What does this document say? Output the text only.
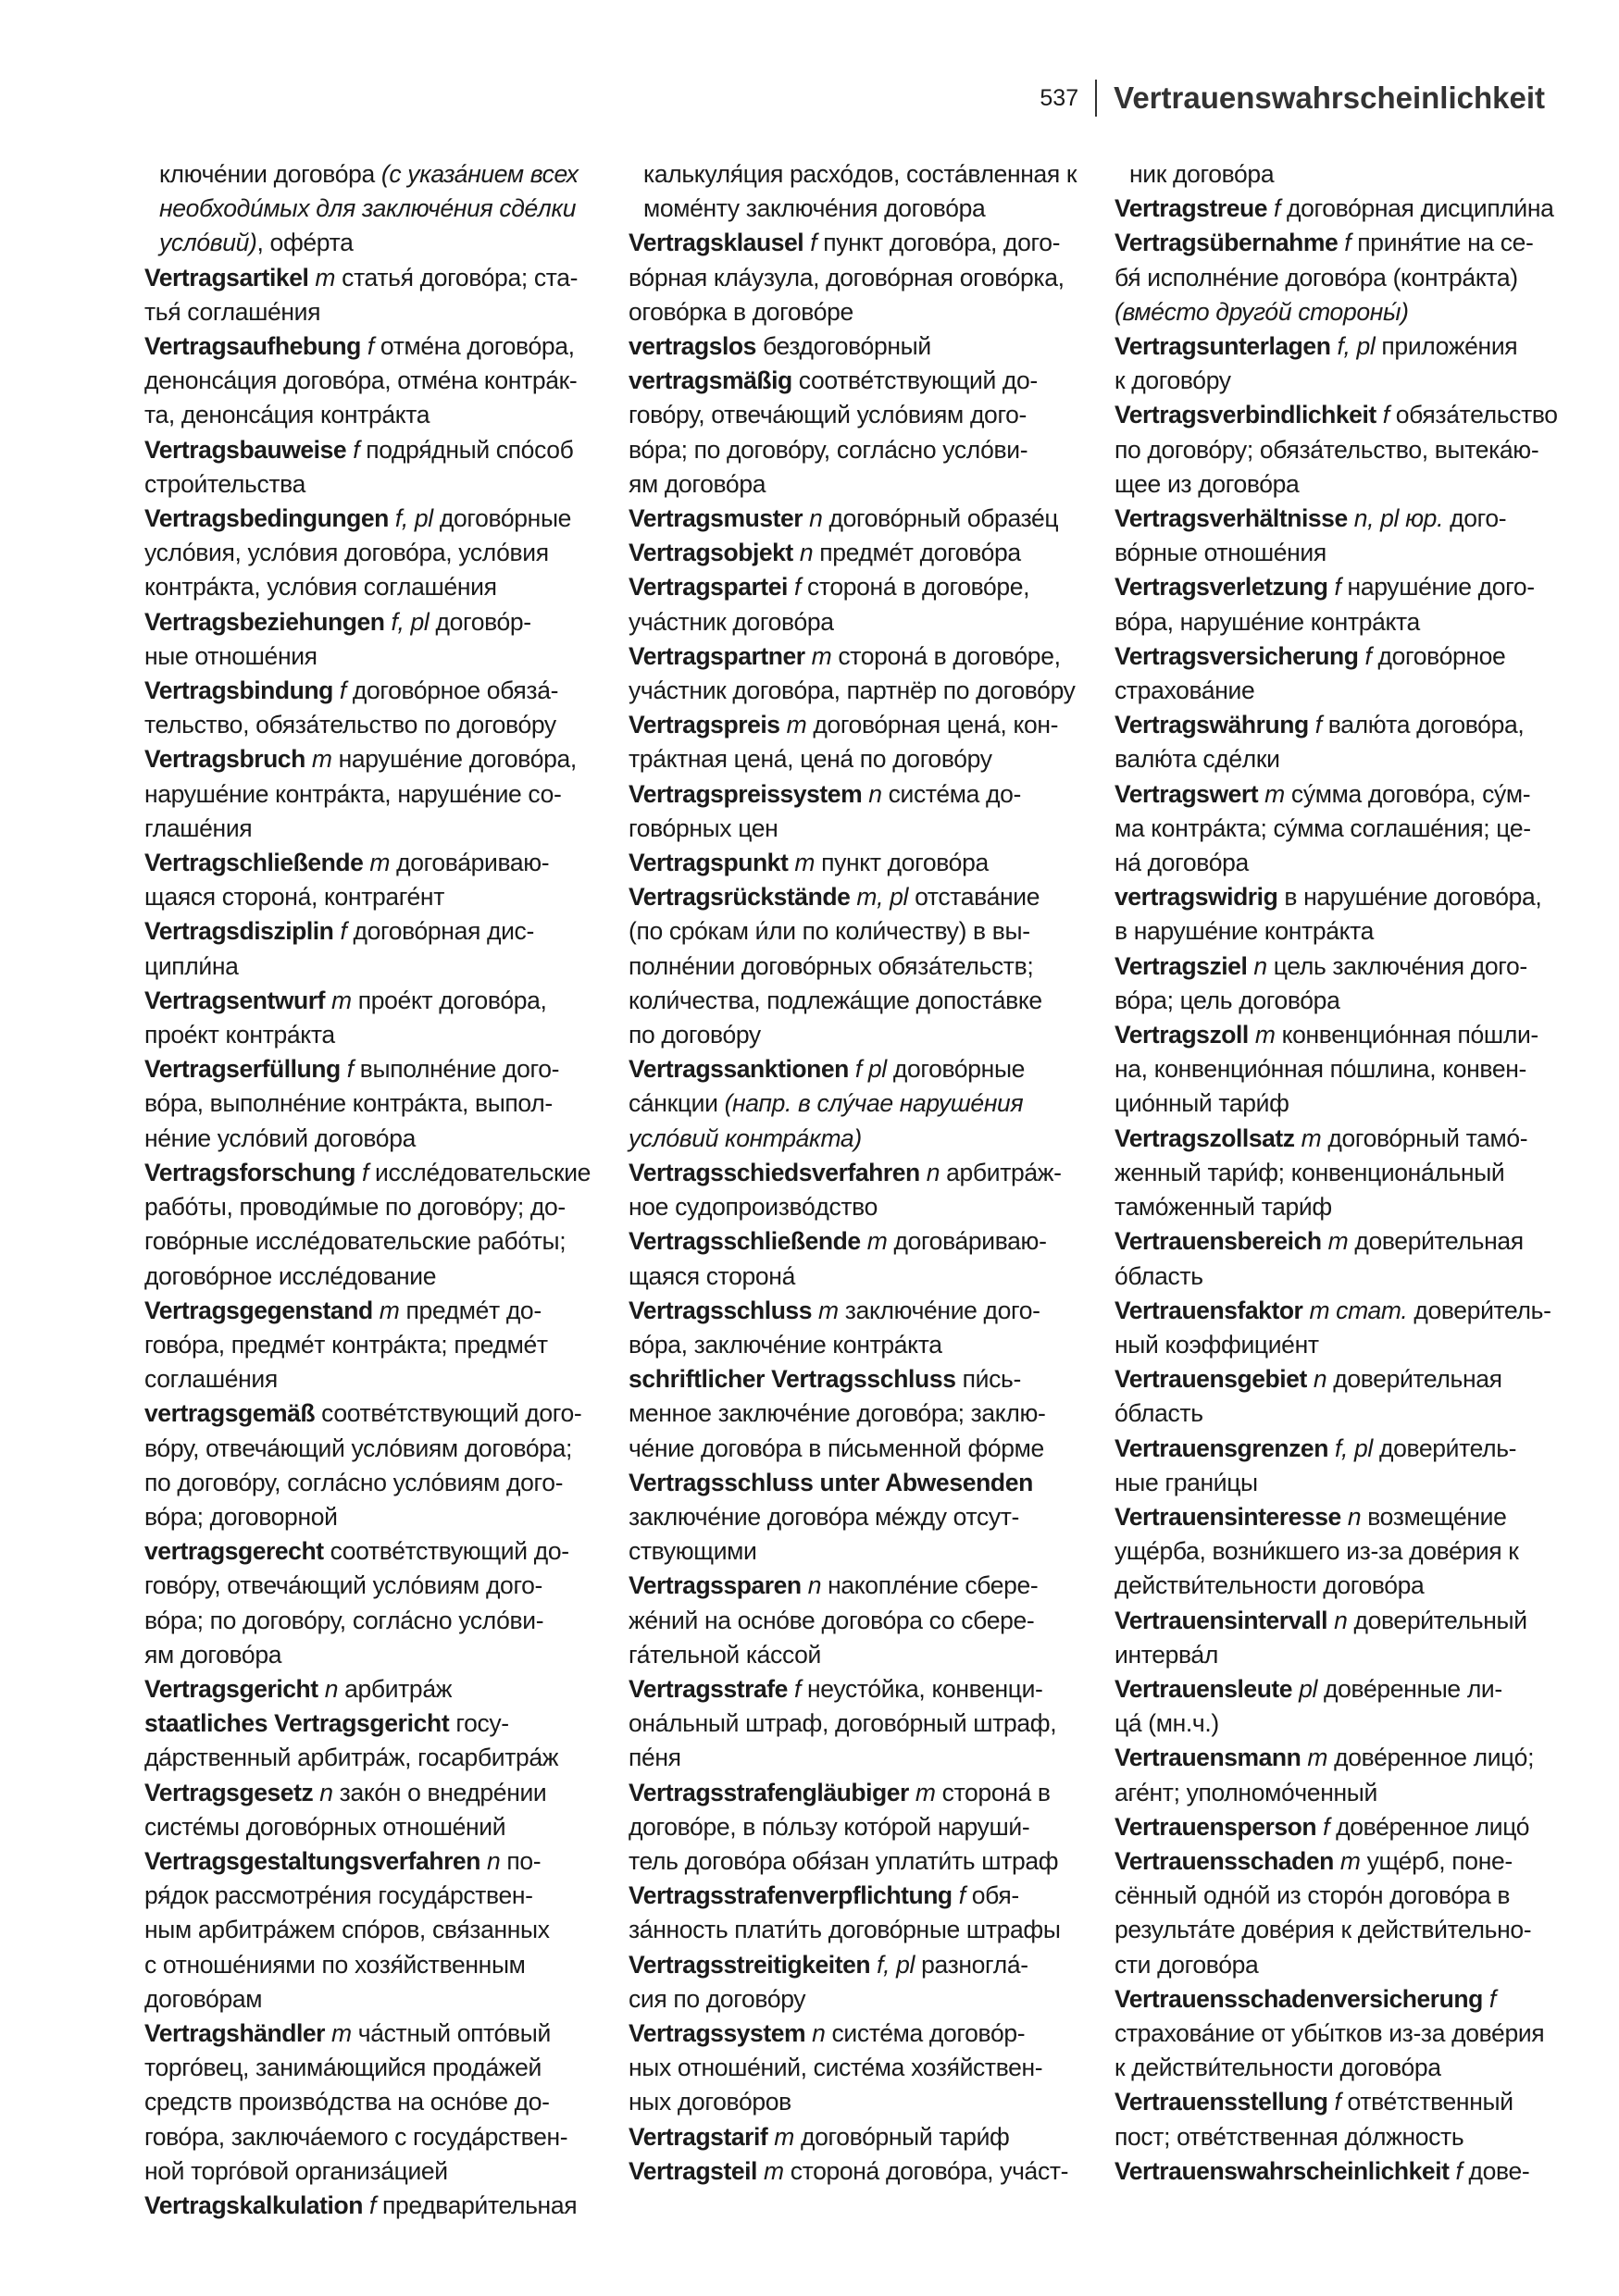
537 Vertrauenswahrscheinlichkeit
ключе́нии догово́ра (с указа́нием всех
необходи́мых для заключе́ния сде́лки
усло́вий), офе́рта
Vertragsartikel m статья́ догово́ра; ста-
тья́ соглаше́ния
Vertragsaufhebung f отме́на догово́ра,
денонса́ция догово́ра, отме́на контра́к-
та, денонса́ция контра́кта
Vertragsbauweise f подря́дный спо́соб
строи́тельства
Vertragsbedingungen f, pl догово́рные
усло́вия, усло́вия догово́ра, усло́вия
контра́кта, усло́вия соглаше́ния
Vertragsbeziehungen f, pl догово́р-
ные отноше́ния
Vertragsbindung f догово́рное обяза́-
тельство, обяза́тельство по догово́ру
Vertragsbruch m наруше́ние догово́ра,
наруше́ние контра́кта, наруше́ние со-
глаше́ния
Vertragschließende m догова́риваю-
щаяся сторона́, контраге́нт
Vertragsdisziplin f догово́рная дис-
ципли́на
Vertragsentwurf m прое́кт догово́ра,
прое́кт контра́кта
Vertragserfüllung f выполне́ние дого-
во́ра, выполне́ние контра́кта, выпол-
не́ние усло́вий догово́ра
Vertragsforschung f иссле́довательские
рабо́ты, проводи́мые по догово́ру; до-
гово́рные иссле́довательские рабо́ты;
догово́рное иссле́дование
Vertragsgegenstand m предме́т до-
гово́ра, предме́т контра́кта; предме́т
соглаше́ния
vertragsgemäß соотве́тствующий дого-
во́ру, отвеча́ющий усло́виям догово́ра;
по догово́ру, согла́сно усло́виям дого-
во́ра; договорной
vertragsgerecht соотве́тствующий до-
гово́ру, отвеча́ющий усло́виям дого-
во́ра; по догово́ру, согла́сно усло́ви-
ям догово́ра
Vertragsgericht n арбитра́ж
staatliches Vertragsgericht госу-
да́рственный арбитра́ж, госарбитра́ж
Vertragsgesetz n зако́н о внедре́нии
систе́мы догово́рных отноше́ний
Vertragsgestaltungsverfahren n по-
ря́док рассмотре́ния госуда́рствен-
ным арбитра́жем спо́ров, свя́занных
с отноше́ниями по хозя́йственным
догово́рам
Vertragshändler m ча́стный опто́вый
торго́вец, занима́ющийся прода́жей
средств произво́дства на осно́ве до-
гово́ра, заключа́емого с госуда́рствен-
ной торго́вой организа́цией
Vertragskalkulation f предвари́тельная
калькуля́ция расхо́дов, соста́вленная к
моме́нту заключе́ния догово́ра
Vertragsklausel f пункт догово́ра, дого-
во́рная кла́узула, догово́рная огово́рка,
огово́рка в догово́ре
vertragslos бездогово́рный
vertragsmäßig соотве́тствующий до-
гово́ру, отвеча́ющий усло́виям дого-
во́ра; по догово́ру, согла́сно усло́ви-
ям догово́ра
Vertragsmuster n догово́рный образе́ц
Vertragsobjekt n предме́т догово́ра
Vertragspartei f сторона́ в догово́ре,
уча́стник догово́ра
Vertragspartner m сторона́ в догово́ре,
уча́стник догово́ра, партнёр по догово́ру
Vertragspreis m догово́рная цена́, кон-
тра́ктная цена́, цена́ по догово́ру
Vertragspreissystem n систе́ма до-
гово́рных цен
Vertragspunkt m пункт догово́ра
Vertragsrückstände m, pl отстава́ние
(по сро́кам и́ли по коли́честву) в вы-
полне́нии догово́рных обяза́тельств;
коли́чества, подлежа́щие допоста́вке
по догово́ру
Vertragssanktionen f pl догово́рные
са́нкции (напр. в слу́чае наруше́ния
усло́вий контра́кта)
Vertragsschiedsverfahren n арбитра́ж-
ное судопроизво́дство
Vertragsschließende m догова́риваю-
щаяся сторона́
Vertragsschluss m заключе́ние дого-
во́ра, заключе́ние контра́кта
schriftlicher Vertragsschluss пи́сь-
менное заключе́ние догово́ра; заклю-
че́ние догово́ра в пи́сьменной фо́рме
Vertragsschluss unter Abwesenden
заключе́ние догово́ра ме́жду отсут-
ствующими
Vertragssparen n накопле́ние сбере-
же́ний на осно́ве догово́ра со сбере-
га́тельной ка́ссой
Vertragsstrafe f неусто́йка, конвенци-
она́льный штраф, догово́рный штраф,
пе́ня
Vertragsstrafengläubiger m сторона́ в
догово́ре, в по́льзу кото́рой наруши́-
тель догово́ра обя́зан уплати́ть штраф
Vertragsstrafenverpflichtung f обя-
за́нность плати́ть догово́рные штрафы
Vertragsstreitigkeiten f, pl разногла́-
сия по догово́ру
Vertragssystem n систе́ма догово́р-
ных отноше́ний, систе́ма хозя́йствен-
ных догово́ров
Vertragstarif m догово́рный тари́ф
Vertragsteil m сторона́ догово́ра, уча́ст-
ник догово́ра
Vertragstreue f догово́рная дисципли́на
Vertragsübernahme f приня́тие на се-
бя́ исполне́ние догово́ра (контра́кта)
(вме́сто друго́й стороны́)
Vertragsunterlagen f, pl приложе́ния
к догово́ру
Vertragsverbindlichkeit f обяза́тельство
по догово́ру; обяза́тельство, вытека́ю-
щее из догово́ра
Vertragsverhältnisse n, pl юр. дого-
во́рные отноше́ния
Vertragsverletzung f наруше́ние дого-
во́ра, наруше́ние контра́кта
Vertragsversicherung f догово́рное
страхова́ние
Vertragswährung f валю́та догово́ра,
валю́та сде́лки
Vertragswert m су́мма догово́ра, су́м-
ма контра́кта; су́мма соглаше́ния; це-
на́ догово́ра
vertragswidrig в наруше́ние догово́ра,
в наруше́ние контра́кта
Vertragsziel n цель заключе́ния дого-
во́ра; цель догово́ра
Vertragszoll m конвенцио́нная по́шли-
на, конвенцио́нная по́шлина, конвен-
цио́нный тари́ф
Vertragszollsatz m догово́рный тамо́-
женный тари́ф; конвенциона́льный
тамо́женный тари́ф
Vertrauensbereich m довери́тельная
о́бласть
Vertrauensfaktor m стат. довери́тель-
ный коэффицие́нт
Vertrauensgebiet n довери́тельная
о́бласть
Vertrauensgrenzen f, pl довери́тель-
ные грани́цы
Vertrauensinteresse n возмеще́ние
уще́рба, возни́кшего из-за дове́рия к
действи́тельности догово́ра
Vertrauensintervall n довери́тельный
интерва́л
Vertrauensleute pl дове́ренные ли-
ца́ (мн.ч.)
Vertrauensmann m дове́ренное лицо́;
аге́нт; уполномо́ченный
Vertrauensperson f дове́ренное лицо́
Vertrauensschaden m уще́рб, поне-
сённый одно́й из сторо́н догово́ра в
результа́те дове́рия к действи́тельно-
сти догово́ра
Vertrauensschadenversicherung f
страхова́ние от убы́тков из-за дове́рия
к действи́тельности догово́ра
Vertrauensstellung f отве́тственный
пост; отве́тственная до́лжность
Vertrauenswahrscheinlichkeit f дове-
